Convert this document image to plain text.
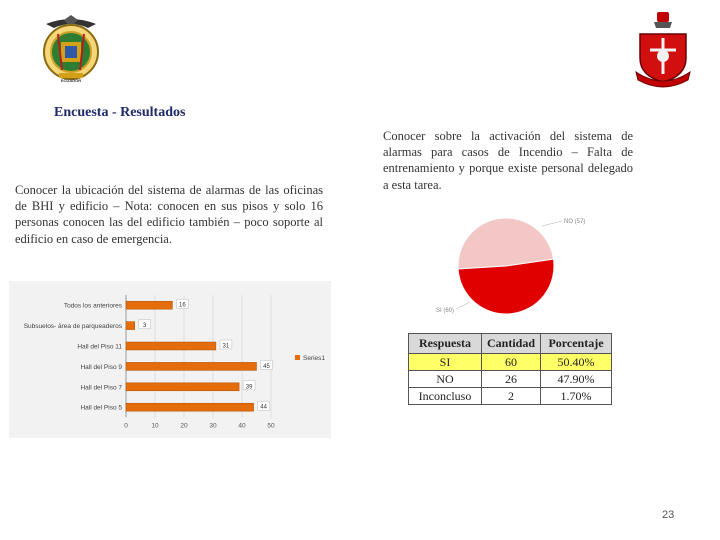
ECUADOR
Encuesta - Resultados
Conocer la ubicación del sistema de alarmas de las oficinas de BHI y edificio – Nota: conocen en sus pisos y solo 16 personas conocen las del edificio también – poco soporte al edificio en caso de emergencia.
Conocer sobre la activación del sistema de alarmas para casos de Incendio – Falta de entrenamiento y porque existe personal delegado a esta tarea.
0	10	20	30	40	50
Todos los anteriores	16
Subsuelos- área de parqueaderos	3
Hall del Piso 11	31
Hall del Piso 9	45
Hall del Piso 7	39
Hall del Piso 5	44
Series1
NO (57)
SI (60)
Respuesta	Cantidad	Porcentaje
SI	60	50.40%
NO	26	47.90%
Inconcluso	2	1.70%
23
